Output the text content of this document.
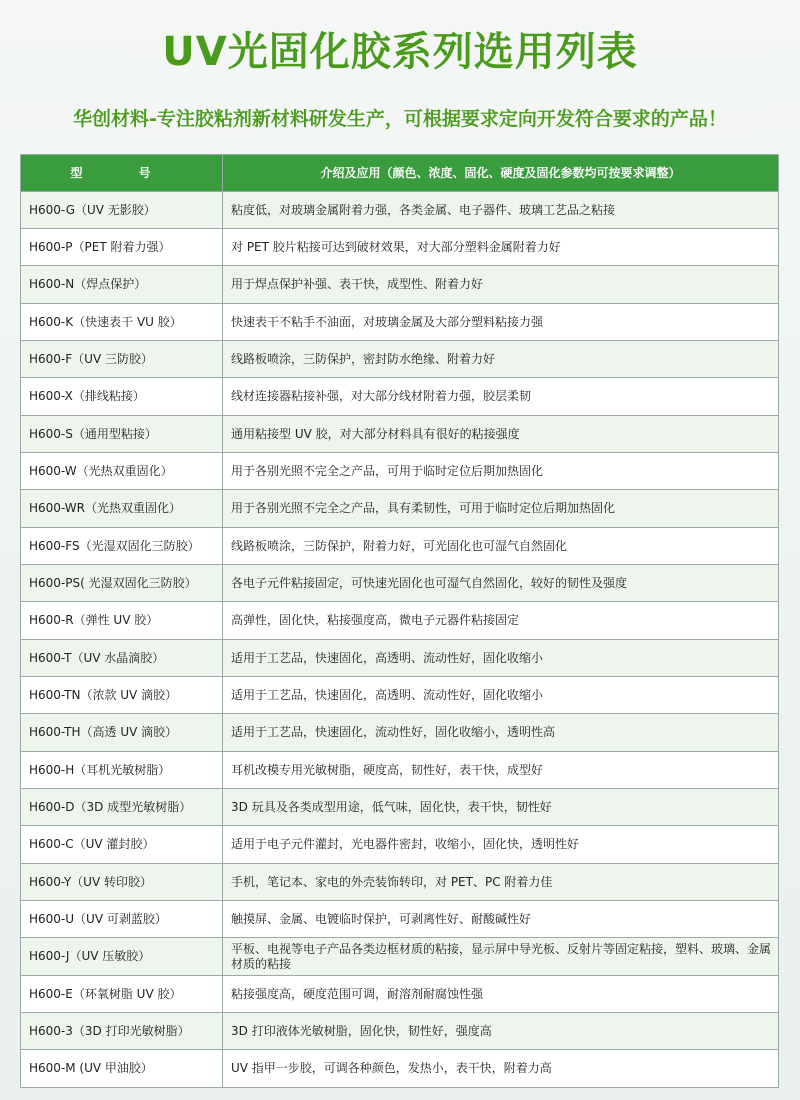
UV光固化胶系列选用列表
华创材料-专注胶粘剂新材料研发生产，可根据要求定向开发符合要求的产品！
型　号	介绍及应用（颜色、浓度、固化、硬度及固化参数均可按要求调整）
H600-G（UV 无影胶）	粘度低，对玻璃金属附着力强，各类金属、电子器件、玻璃工艺品之粘接
H600-P（PET 附着力强）	对 PET 胶片粘接可达到破材效果，对大部分塑料金属附着力好
H600-N（焊点保护）	用于焊点保护补强、表干快，成型性、附着力好
H600-K（快速表干 VU 胶）	快速表干不粘手不油面，对玻璃金属及大部分塑料粘接力强
H600-F（UV 三防胶）	线路板喷涂，三防保护，密封防水绝缘、附着力好
H600-X（排线粘接）	线材连接器粘接补强，对大部分线材附着力强，胶层柔韧
H600-S（通用型粘接）	通用粘接型 UV 胶，对大部分材料具有很好的粘接强度
H600-W（光热双重固化）	用于各别光照不完全之产品，可用于临时定位后期加热固化
H600-WR（光热双重固化）	用于各别光照不完全之产品，具有柔韧性，可用于临时定位后期加热固化
H600-FS（光湿双固化三防胶）	线路板喷涂，三防保护，附着力好，可光固化也可湿气自然固化
H600-PS( 光湿双固化三防胶）	各电子元件粘接固定，可快速光固化也可湿气自然固化，较好的韧性及强度
H600-R（弹性 UV 胶）	高弹性，固化快，粘接强度高，微电子元器件粘接固定
H600-T（UV 水晶滴胶）	适用于工艺品，快速固化，高透明、流动性好，固化收缩小
H600-TN（浓款 UV 滴胶）	适用于工艺品，快速固化，高透明、流动性好，固化收缩小
H600-TH（高透 UV 滴胶）	适用于工艺品，快速固化，流动性好，固化收缩小，透明性高
H600-H（耳机光敏树脂）	耳机改模专用光敏树脂，硬度高，韧性好，表干快，成型好
H600-D（3D 成型光敏树脂）	3D 玩具及各类成型用途，低气味，固化快，表干快，韧性好
H600-C（UV 灌封胶）	适用于电子元件灌封，光电器件密封，收缩小，固化快，透明性好
H600-Y（UV 转印胶）	手机，笔记本、家电的外壳装饰转印，对 PET、PC 附着力佳
H600-U（UV 可剥蓝胶）	触摸屏、金属、电镀临时保护，可剥离性好、耐酸碱性好
H600-J（UV 压敏胶）	平板、电视等电子产品各类边框材质的粘接，显示屏中导光板、反射片等固定粘接，塑料、玻璃、金属材质的粘接
H600-E（环氧树脂 UV 胶）	粘接强度高，硬度范围可调，耐溶剂耐腐蚀性强
H600-3（3D 打印光敏树脂）	3D 打印液体光敏树脂，固化快，韧性好，强度高
H600-M (UV 甲油胶）	UV 指甲一步胶，可调各种颜色，发热小，表干快，附着力高
